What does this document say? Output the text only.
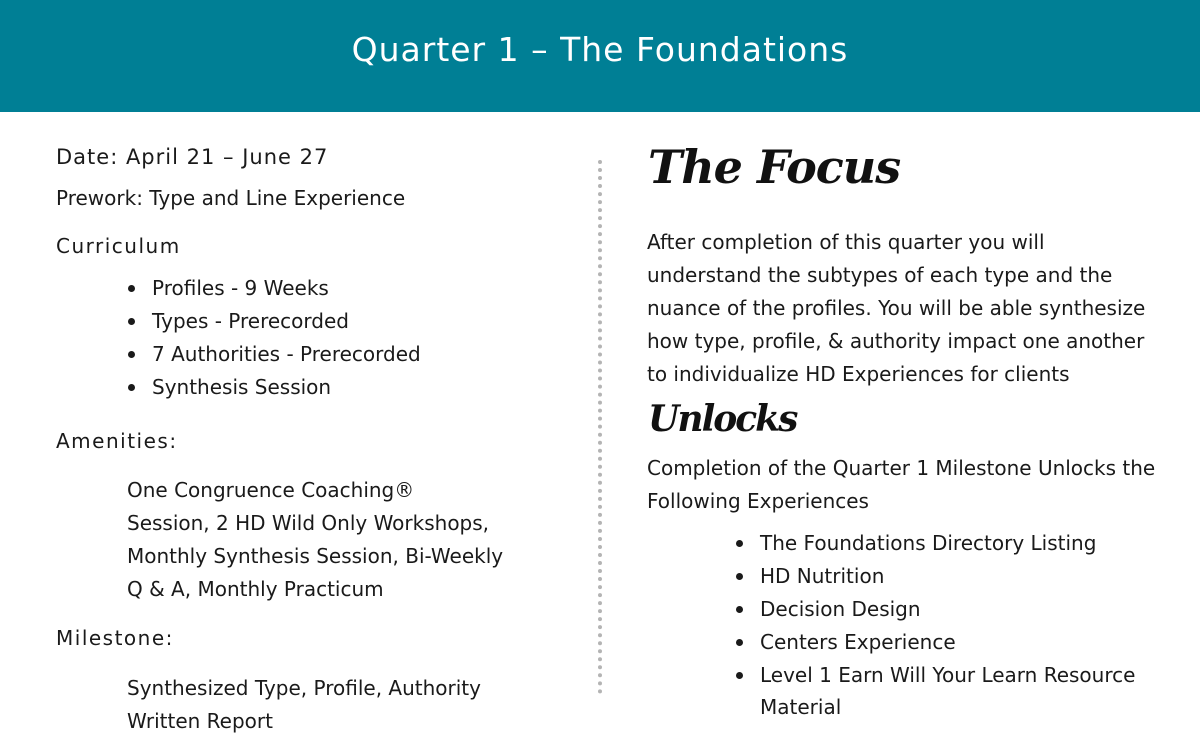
Quarter 1 – The Foundations
Date: April 21 – June 27
Prework: Type and Line Experience
Curriculum
Profiles - 9 Weeks
Types - Prerecorded
7 Authorities - Prerecorded
Synthesis Session
Amenities:
One Congruence Coaching®
Session, 2 HD Wild Only Workshops,
Monthly Synthesis Session, Bi-Weekly
Q & A, Monthly Practicum
Milestone:
Synthesized Type, Profile, Authority
Written Report
The Focus
After completion of this quarter you will
understand the subtypes of each type and the
nuance of the profiles. You will be able synthesize
how type, profile, & authority impact one another
to individualize HD Experiences for clients
Unlocks
Completion of the Quarter 1 Milestone Unlocks the
Following Experiences
The Foundations Directory Listing
HD Nutrition
Decision Design
Centers Experience
Level 1 Earn Will Your Learn Resource
Material
